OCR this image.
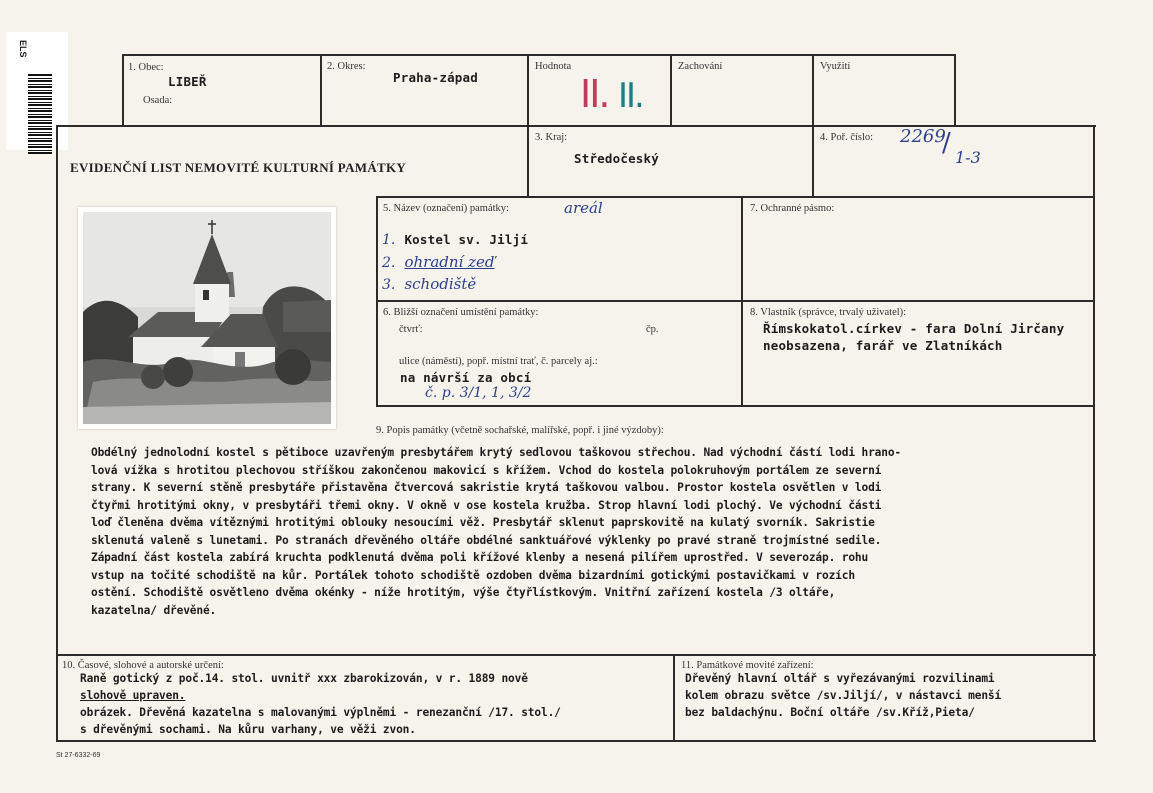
ELS
EVIDENČNÍ LIST NEMOVITÉ KULTURNÍ PAMÁTKY
1. Obec:
LIBEŘ
Osada:
2. Okres:
Praha-západ
Hodnota
II. II.
Zachování	Využití
3. Kraj:
Středočeský
4. Poř. číslo: 2269
/ 1-3
5. Název (označení) památky:	areál
1. Kostel sv. Jiljí
2. ohradní zeď
3. schodiště
7. Ochranné pásmo:
6. Bližší označení umístění památky:
čtvrť:	čp.
ulice (náměstí), popř. místní trať, č. parcely aj.:
na návrší za obcí
č. p. 3/1, 1, 3/2
8. Vlastník (správce, trvalý uživatel):
Římskokatol.církev - fara Dolní Jirčany
neobsazena, farář ve Zlatníkách
9. Popis památky (včetně sochařské, malířské, popř. i jiné výzdoby):
Obdélný jednolodní kostel s pětiboce uzavřeným presbytářem krytý sedlovou taškovou střechou. Nad východní částí lodi hrano-
lová vížka s hrotitou plechovou stříškou zakončenou makovicí s křížem. Vchod do kostela polokruhovým portálem ze severní
strany. K severní stěně presbytáře přistavěna čtvercová sakristie krytá taškovou valbou. Prostor kostela osvětlen v lodi
čtyřmi hrotitými okny, v presbytáři třemi okny. V okně v ose kostela kružba. Strop hlavní lodi plochý. Ve východní části
loď členěna dvěma vítěznými hrotitými oblouky nesoucími věž. Presbytář sklenut paprskovitě na kulatý svorník. Sakristie
sklenutá valeně s lunetami. Po stranách dřevěného oltáře obdélné sanktuářové výklenky po pravé straně trojmístné sedile.
Západní část kostela zabírá kruchta podklenutá dvěma poli křížové klenby a nesená pilířem uprostřed. V severozáp. rohu
vstup na točité schodiště na kůr. Portálek tohoto schodiště ozdoben dvěma bizardními gotickými postavičkami v rozích
ostění. Schodiště osvětleno dvěma okénky - níže hrotitým, výše čtyřlístkovým. Vnitřní zařízení kostela /3 oltáře,
kazatelna/ dřevěné.
10. Časové, slohové a autorské určení:
Raně gotický z poč.14. stol. uvnitř xxx zbarokizován, v r. 1889 nově
slohově upraven.
obrázek. Dřevěná kazatelna s malovanými výplněmi - renezanční /17. stol./
s dřevěnými sochami. Na kůru varhany, ve věži zvon.
11. Památkové movité zařízení:
Dřevěný hlavní oltář s vyřezávanými rozvilinami
kolem obrazu světce /sv.Jiljí/, v nástavci menší
bez baldachýnu. Boční oltáře /sv.Kříž,Pieta/
St 27-6332-69
